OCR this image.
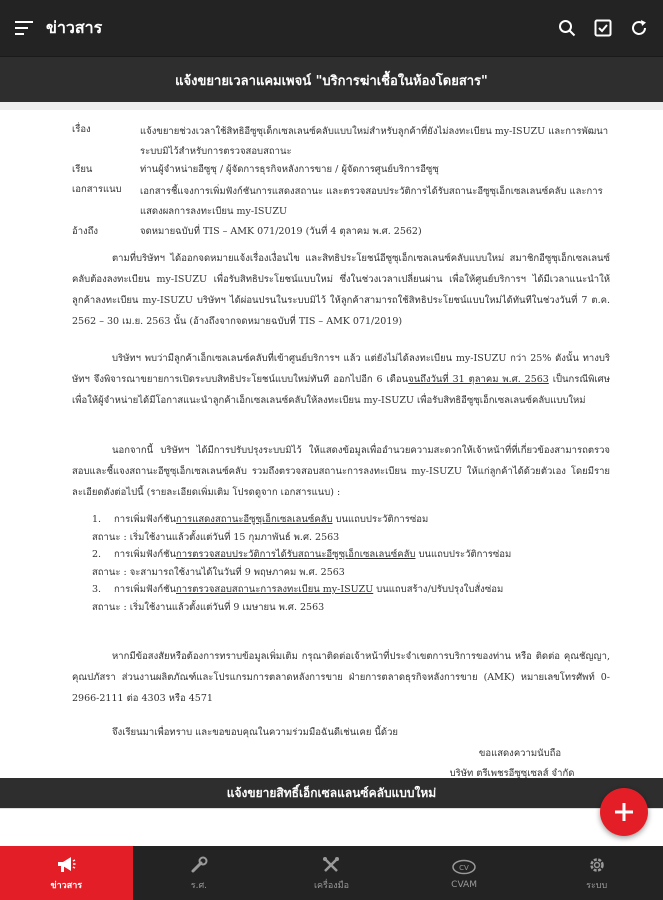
ข่าวสาร
แจ้งขยายเวลาแคมเพจน์ "บริการฆ่าเชื้อในห้องโดยสาร"
เรื่อง	แจ้งขยายช่วงเวลาใช้สิทธิอีซูซุเด็กเซลเลนซ์คลับแบบใหม่สำหรับลูกค้าที่ยังไม่ลงทะเบียน my-ISUZU และการพัฒนาระบบมิไว้สำหรับการตรวจสอบสถานะ
เรียน	ท่านผู้จำหน่ายอีซูซุ / ผู้จัดการธุรกิจหลังการขาย / ผู้จัดการศูนย์บริการอีซูซุ
เอกสารแนบ	เอกสารชี้แจงการเพิ่มฟังก์ชันการแสดงสถานะ และตรวจสอบประวัติการได้รับสถานะอีซูซุเอ็กเซลเลนซ์คลับ และการแสดงผลการลงทะเบียน my-ISUZU
อ้างถึง	จดหมายฉบับที่ TIS – AMK 071/2019 (วันที่ 4 ตุลาคม พ.ศ. 2562)
ตามที่บริษัทฯ ได้ออกจดหมายแจ้งเรื่องเงื่อนไข และสิทธิประโยชน์อีซูซุเอ็กเซลเลนซ์คลับแบบใหม่ สมาชิกอีซูซุเอ็กเซลเลนซ์คลับต้องลงทะเบียน my-ISUZU เพื่อรับสิทธิประโยชน์แบบใหม่ ซึ่งในช่วงเวลาเปลี่ยนผ่าน เพื่อให้ศูนย์บริการฯ ได้มีเวลาแนะนำให้ลูกค้าลงทะเบียน my-ISUZU บริษัทฯ ได้ผ่อนปรนในระบบมิไว้ ให้ลูกค้าสามารถใช้สิทธิประโยชน์แบบใหม่ได้ทันทีในช่วงวันที่ 7 ต.ค. 2562 – 30 เม.ย. 2563 นั้น (อ้างถึงจากจดหมายฉบับที่ TIS – AMK 071/2019)
บริษัทฯ พบว่ามีลูกค้าเอ็กเซลเลนซ์คลับที่เข้าศูนย์บริการฯ แล้ว แต่ยังไม่ได้ลงทะเบียน my-ISUZU กว่า 25% ดังนั้น ทางบริษัทฯ จึงพิจารณาขยายการเปิดระบบสิทธิประโยชน์แบบใหม่ทันที ออกไปอีก 6 เดือนจนถึงวันที่ 31 ตุลาคม พ.ศ. 2563 เป็นกรณีพิเศษ เพื่อให้ผู้จำหน่ายได้มีโอกาสแนะนำลูกค้าเอ็กเซลเลนซ์คลับให้ลงทะเบียน my-ISUZU เพื่อรับสิทธิอีซูซุเอ็กเซลเลนซ์คลับแบบใหม่
นอกจากนี้ บริษัทฯ ได้มีการปรับปรุงระบบมิไว้ ให้แสดงข้อมูลเพื่ออำนวยความสะดวกให้เจ้าหน้าที่ที่เกี่ยวข้องสามารถตรวจสอบและชี้แจงสถานะอีซูซุเอ็กเซลเลนซ์คลับ รวมถึงตรวจสอบสถานะการลงทะเบียน my-ISUZU ให้แก่ลูกค้าได้ด้วยตัวเอง โดยมีรายละเอียดดังต่อไปนี้ (รายละเอียดเพิ่มเติม โปรดดูจาก เอกสารแนบ) :
1.	การเพิ่มฟังก์ชันการแสดงสถานะอีซูซุเอ็กเซลเลนซ์คลับ บนแถบประวัติการซ่อม
สถานะ : เริ่มใช้งานแล้วตั้งแต่วันที่ 15 กุมภาพันธ์ พ.ศ. 2563
2.	การเพิ่มฟังก์ชันการตรวจสอบประวัติการได้รับสถานะอีซูซุเอ็กเซลเลนซ์คลับ บนแถบประวัติการซ่อม
สถานะ : จะสามารถใช้งานได้ในวันที่ 9 พฤษภาคม พ.ศ. 2563
3.	การเพิ่มฟังก์ชันการตรวจสอบสถานะการลงทะเบียน my-ISUZU บนแถบสร้าง/ปรับปรุงใบสั่งซ่อม
สถานะ : เริ่มใช้งานแล้วตั้งแต่วันที่ 9 เมษายน พ.ศ. 2563
หากมีข้อสงสัยหรือต้องการทราบข้อมูลเพิ่มเติม กรุณาติดต่อเจ้าหน้าที่ประจำเขตการบริการของท่าน หรือ ติดต่อ คุณชัญญา, คุณปภัสรา ส่วนงานผลิตภัณฑ์และโปรแกรมการตลาดหลังการขาย ฝ่ายการตลาดธุรกิจหลังการขาย (AMK) หมายเลขโทรศัพท์ 0-2966-2111 ต่อ 4303 หรือ 4571
จึงเรียนมาเพื่อทราบ และขอขอบคุณในความร่วมมือฉันดีเช่นเคย นี้ด้วย
ขอแสดงความนับถือ
บริษัท ตรีเพชรอีซูซุเซลส์ จำกัด
แจ้งขยายสิทธิ์เอ็กเซลแลนซ์คลับแบบใหม่
ข่าวสาร	ร.ศ.	เครื่องมือ
CV
CVAM	ระบบ
